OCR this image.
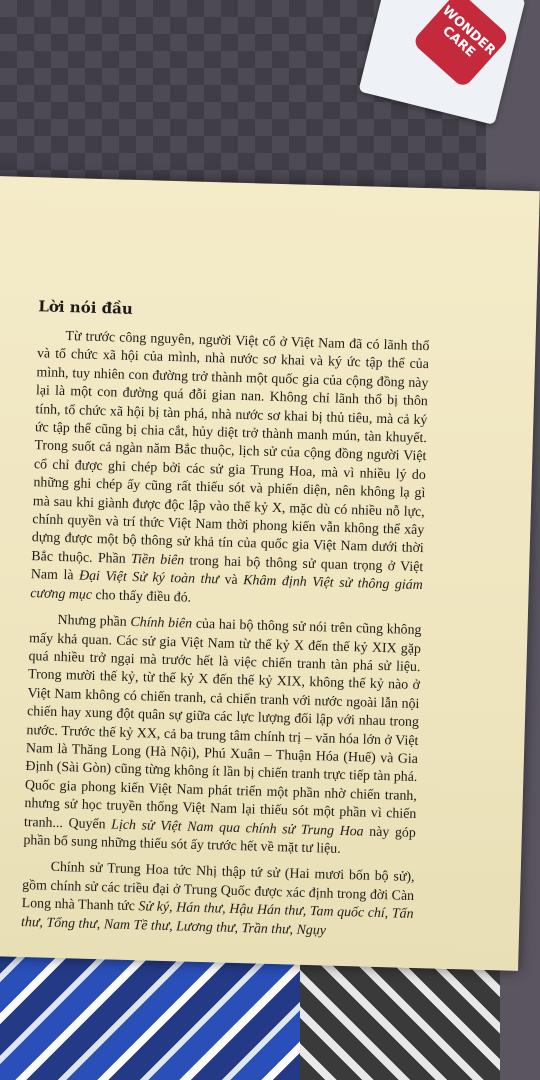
WONDER CARE
Lời nói đầu

Từ trước công nguyên, người Việt cổ ở Việt Nam đã có lãnh thổ và tổ chức xã hội của mình, nhà nước sơ khai và ký ức tập thể của mình, tuy nhiên con đường trở thành một quốc gia của cộng đồng này lại là một con đường quá đỗi gian nan. Không chỉ lãnh thổ bị thôn tính, tổ chức xã hội bị tàn phá, nhà nước sơ khai bị thủ tiêu, mà cả ký ức tập thể cũng bị chia cắt, hủy diệt trở thành manh mún, tàn khuyết. Trong suốt cả ngàn năm Bắc thuộc, lịch sử của cộng đồng người Việt cổ chỉ được ghi chép bởi các sử gia Trung Hoa, mà vì nhiều lý do những ghi chép ấy cũng rất thiếu sót và phiến diện, nên không lạ gì mà sau khi giành được độc lập vào thế kỷ X, mặc dù có nhiều nỗ lực, chính quyền và trí thức Việt Nam thời phong kiến vẫn không thể xây dựng được một bộ thông sử khả tín của quốc gia Việt Nam dưới thời Bắc thuộc. Phần Tiền biên trong hai bộ thông sử quan trọng ở Việt Nam là Đại Việt Sử ký toàn thư và Khâm định Việt sử thông giám cương mục cho thấy điều đó.

Nhưng phần Chính biên của hai bộ thông sử nói trên cũng không mấy khả quan. Các sử gia Việt Nam từ thế kỷ X đến thế kỷ XIX gặp quá nhiều trở ngại mà trước hết là việc chiến tranh tàn phá sử liệu. Trong mười thế kỷ, từ thế kỷ X đến thế kỷ XIX, không thế kỷ nào ở Việt Nam không có chiến tranh, cả chiến tranh với nước ngoài lẫn nội chiến hay xung đột quân sự giữa các lực lượng đối lập với nhau trong nước. Trước thế kỷ XX, cả ba trung tâm chính trị – văn hóa lớn ở Việt Nam là Thăng Long (Hà Nội), Phú Xuân – Thuận Hóa (Huế) và Gia Định (Sài Gòn) cũng từng không ít lần bị chiến tranh trực tiếp tàn phá. Quốc gia phong kiến Việt Nam phát triển một phần nhờ chiến tranh, nhưng sử học truyền thống Việt Nam lại thiếu sót một phần vì chiến tranh... Quyển Lịch sử Việt Nam qua chính sử Trung Hoa này góp phần bổ sung những thiếu sót ấy trước hết về mặt tư liệu.

Chính sử Trung Hoa tức Nhị thập tứ sử (Hai mươi bốn bộ sử), gồm chính sử các triều đại ở Trung Quốc được xác định trong đời Càn Long nhà Thanh tức Sử ký, Hán thư, Hậu Hán thư, Tam quốc chí, Tấn thư, Tống thư, Nam Tề thư, Lương thư, Trần thư, Ngụy
